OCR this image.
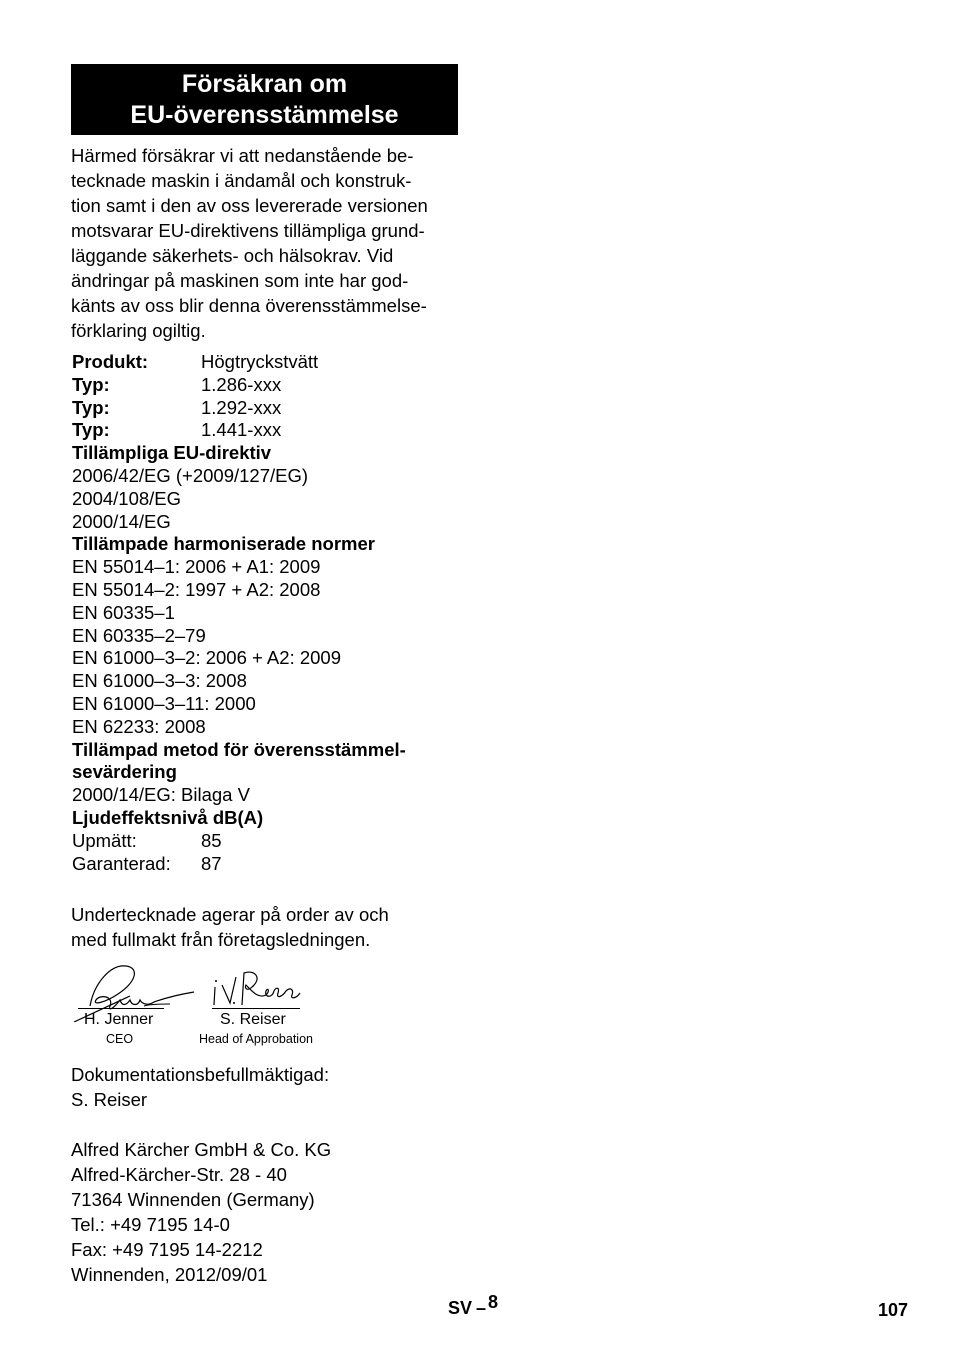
Försäkran om
EU-överensstämmelse
Härmed försäkrar vi att nedanstående be-
tecknade maskin i ändamål och konstruk-
tion samt i den av oss levererade versionen
motsvarar EU-direktivens tillämpliga grund-
läggande säkerhets- och hälsokrav. Vid
ändringar på maskinen som inte har god-
känts av oss blir denna överensstämmelse-
förklaring ogiltig.
Produkt:	Högtryckstvätt
Typ:	1.286-xxx
Typ:	1.292-xxx
Typ:	1.441-xxx
Tillämpliga EU-direktiv
2006/42/EG (+2009/127/EG)
2004/108/EG
2000/14/EG
Tillämpade harmoniserade normer
EN 55014–1: 2006 + A1: 2009
EN 55014–2: 1997 + A2: 2008
EN 60335–1
EN 60335–2–79
EN 61000–3–2: 2006 + A2: 2009
EN 61000–3–3: 2008
EN 61000–3–11: 2000
EN 62233: 2008
Tillämpad metod för överensstämmel-
sevärdering
2000/14/EG: Bilaga V
Ljudeffektsnivå dB(A)
Upmätt:	85
Garanterad: 87
Undertecknade agerar på order av och
med fullmakt från företagsledningen.
H. Jenner	S. Reiser
CEO	Head of Approbation
Dokumentationsbefullmäktigad:
S. Reiser
Alfred Kärcher GmbH & Co. KG
Alfred-Kärcher-Str. 28 - 40
71364 Winnenden (Germany)
Tel.: +49 7195 14-0
Fax: +49 7195 14-2212
Winnenden, 2012/09/01
SV – 8	107
